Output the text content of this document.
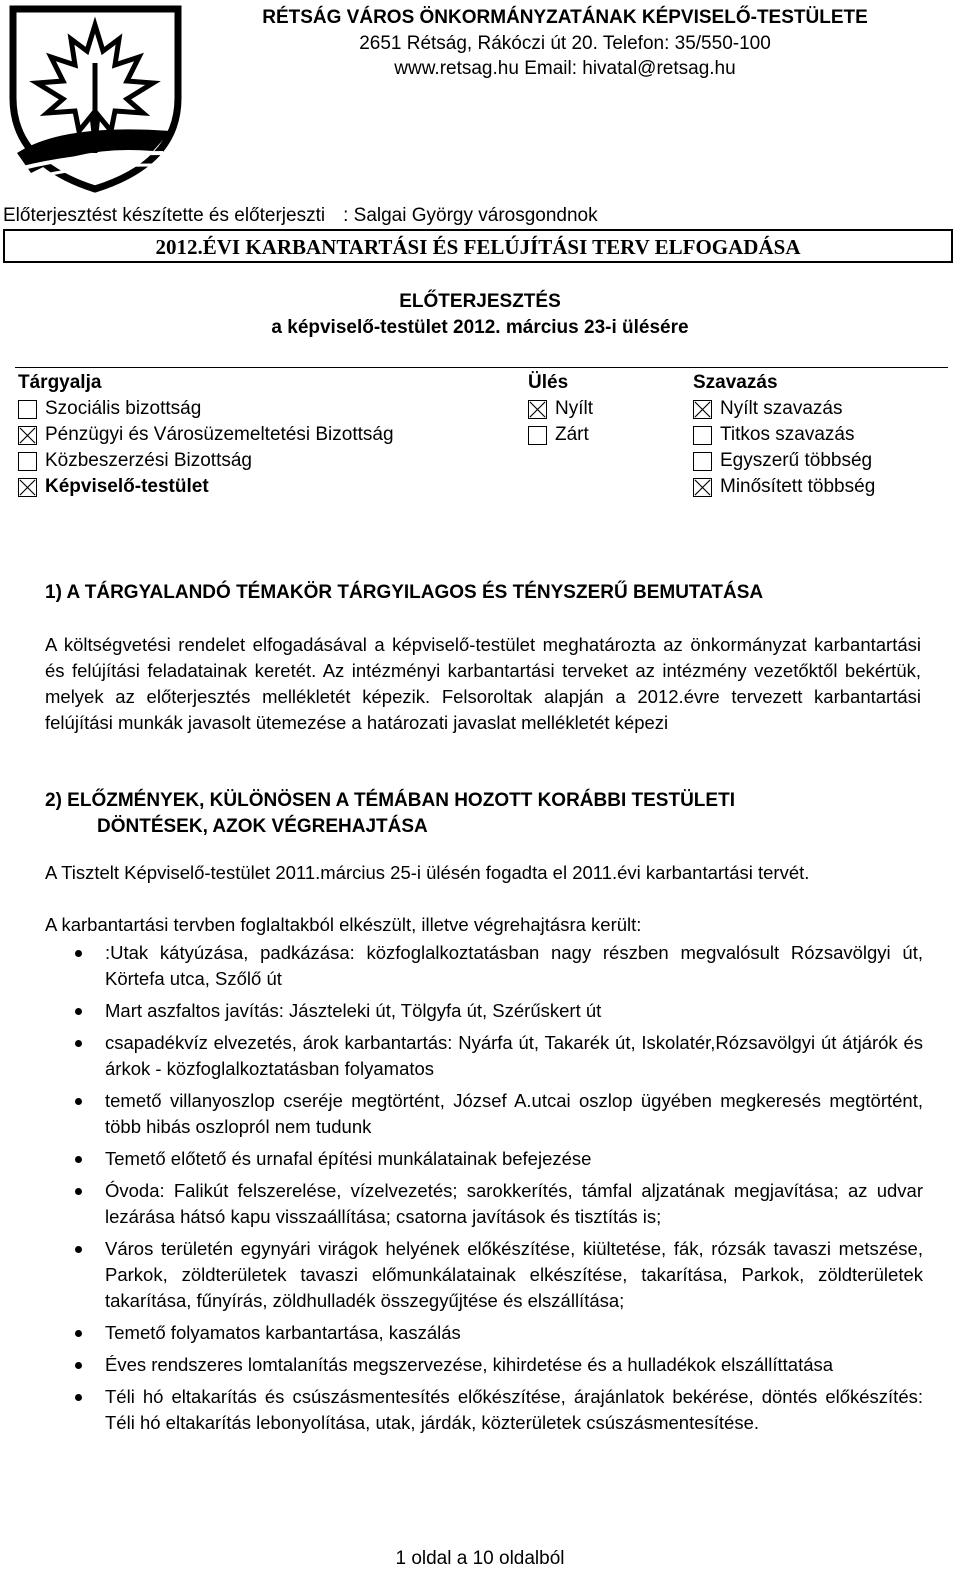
RÉTSÁG VÁROS ÖNKORMÁNYZATÁNAK KÉPVISELŐ-TESTÜLETE
2651 Rétság, Rákóczi út 20. Telefon: 35/550-100
www.retsag.hu Email: hivatal@retsag.hu
Előterjesztést készítette és előterjeszti : Salgai György városgondnok
2012.ÉVI KARBANTARTÁSI ÉS FELÚJÍTÁSI TERV ELFOGADÁSA
ELŐTERJESZTÉS
a képviselő-testület 2012. március 23-i ülésére
Tárgyalja	Ülés	Szavazás
Szociális bizottság
Pénzügyi és Városüzemeltetési Bizottság
Közbeszerzési Bizottság
Képviselő-testület
Nyílt
Zárt
Nyílt szavazás
Titkos szavazás
Egyszerű többség
Minősített többség
1) A TÁRGYALANDÓ TÉMAKÖR TÁRGYILAGOS ÉS TÉNYSZERŰ BEMUTATÁSA
A költségvetési rendelet elfogadásával a képviselő-testület meghatározta az önkormányzat karbantartási és felújítási feladatainak keretét. Az intézményi karbantartási terveket az intézmény vezetőktől bekértük, melyek az előterjesztés mellékletét képezik. Felsoroltak alapján a 2012.évre tervezett karbantartási felújítási munkák javasolt ütemezése a határozati javaslat mellékletét képezi
2) ELŐZMÉNYEK, KÜLÖNÖSEN A TÉMÁBAN HOZOTT KORÁBBI TESTÜLETI
DÖNTÉSEK, AZOK VÉGREHAJTÁSA
A Tisztelt Képviselő-testület 2011.március 25-i ülésén fogadta el 2011.évi karbantartási tervét.
A karbantartási tervben foglaltakból elkészült, illetve végrehajtásra került:
:Utak kátyúzása, padkázása: közfoglalkoztatásban nagy részben megvalósult Rózsavölgyi út, Körtefa utca, Szőlő út
Mart aszfaltos javítás: Jászteleki út, Tölgyfa út, Szérűskert út
csapadékvíz elvezetés, árok karbantartás: Nyárfa út, Takarék út, Iskolatér,Rózsavölgyi út átjárók és árkok - közfoglalkoztatásban folyamatos
temető villanyoszlop cseréje megtörtént, József A.utcai oszlop ügyében megkeresés megtörtént, több hibás oszlopról nem tudunk
Temető előtető és urnafal építési munkálatainak befejezése
Óvoda: Falikút felszerelése, vízelvezetés; sarokkerítés, támfal aljzatának megjavítása; az udvar lezárása hátsó kapu visszaállítása; csatorna javítások és tisztítás is;
Város területén egynyári virágok helyének előkészítése, kiültetése, fák, rózsák tavaszi metszése, Parkok, zöldterületek tavaszi előmunkálatainak elkészítése, takarítása, Parkok, zöldterületek takarítása, fűnyírás, zöldhulladék összegyűjtése és elszállítása;
Temető folyamatos karbantartása, kaszálás
Éves rendszeres lomtalanítás megszervezése, kihirdetése és a hulladékok elszállíttatása
Téli hó eltakarítás és csúszásmentesítés előkészítése, árajánlatok bekérése, döntés előkészítés: Téli hó eltakarítás lebonyolítása, utak, járdák, közterületek csúszásmentesítése.
1 oldal a 10 oldalból
